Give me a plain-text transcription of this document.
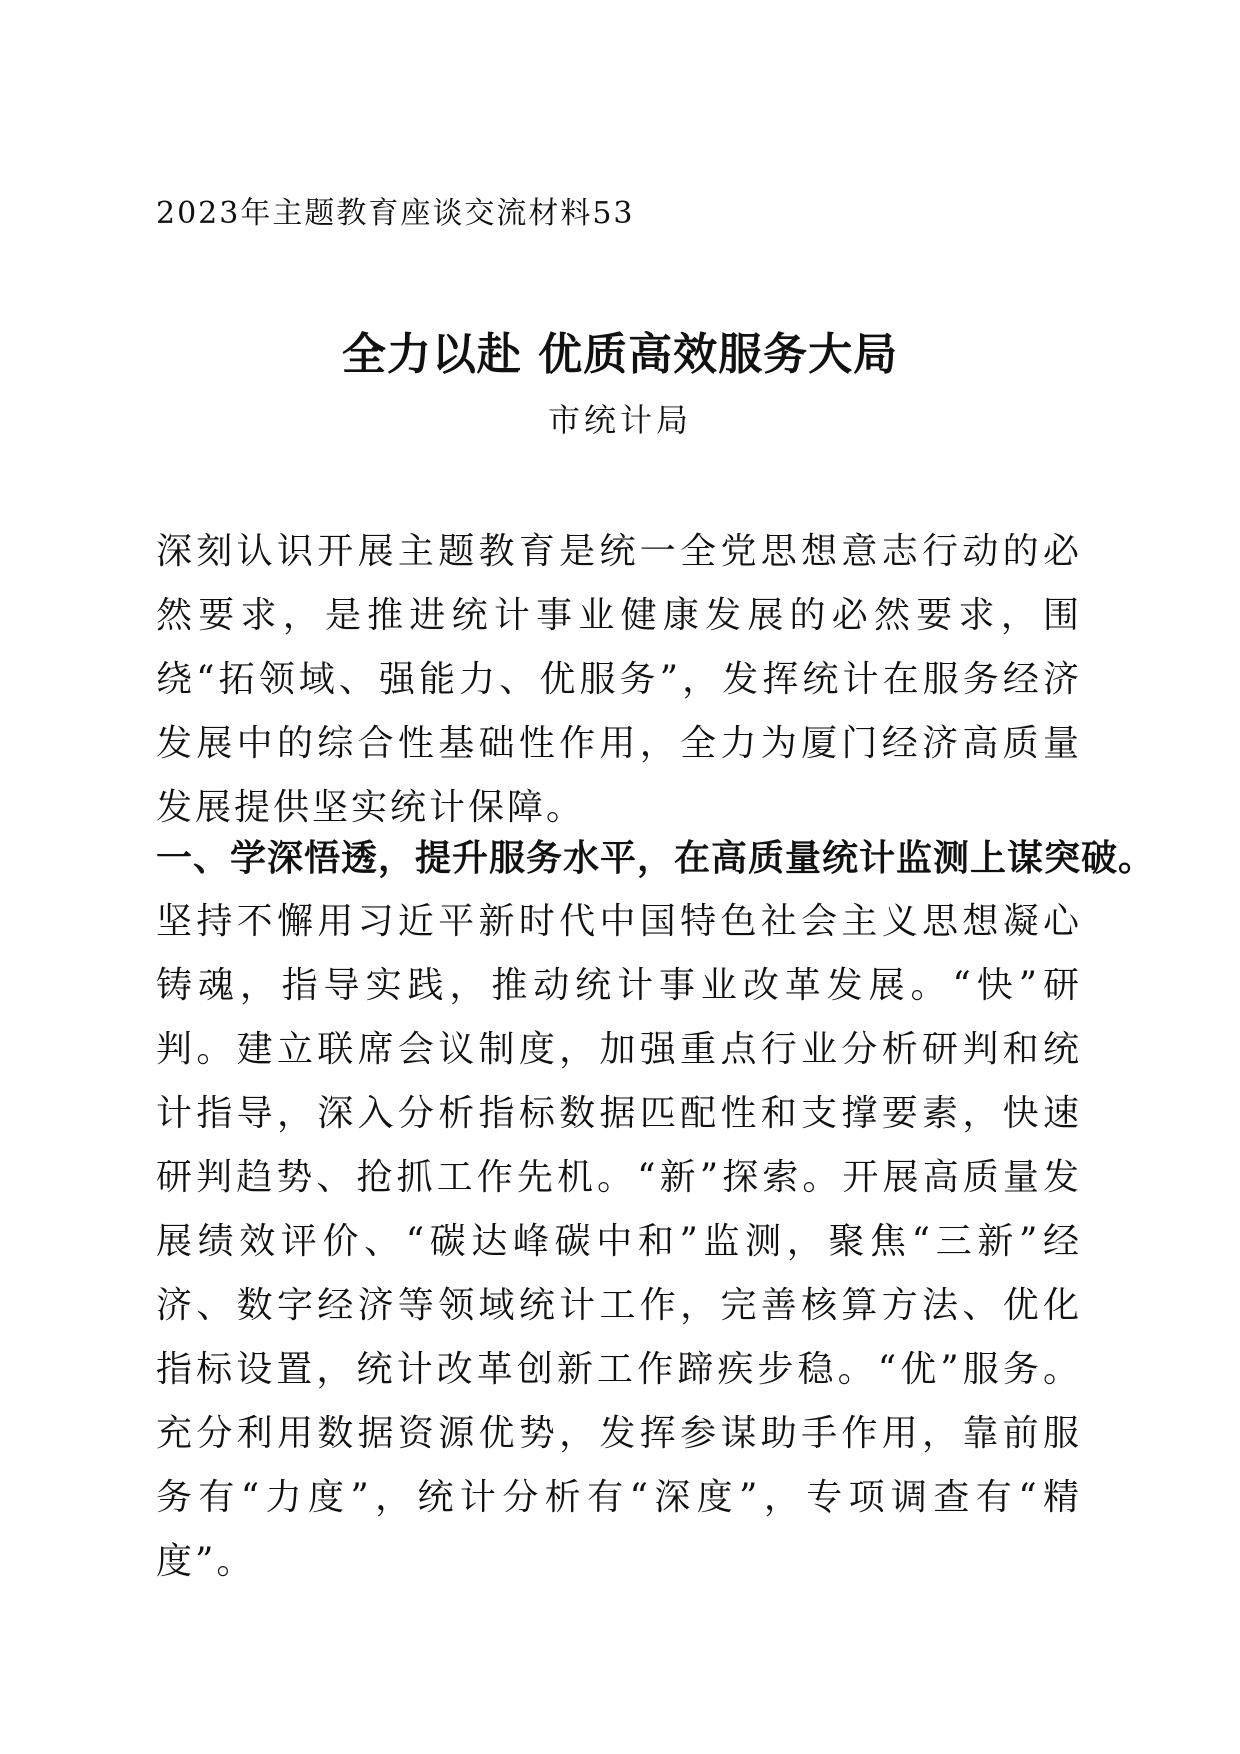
2023年主题教育座谈交流材料53
全力以赴 优质高效服务大局
市统计局

深刻认识开展主题教育是统一全党思想意志行动的必然要求，是推进统计事业健康发展的必然要求，围绕“拓领域、强能力、优服务”，发挥统计在服务经济发展中的综合性基础性作用，全力为厦门经济高质量发展提供坚实统计保障。

一、学深悟透，提升服务水平，在高质量统计监测上谋突破。

坚持不懈用习近平新时代中国特色社会主义思想凝心铸魂，指导实践，推动统计事业改革发展。“快”研判。建立联席会议制度，加强重点行业分析研判和统计指导，深入分析指标数据匹配性和支撑要素，快速研判趋势、抢抓工作先机。“新”探索。开展高质量发展绩效评价、“碳达峰碳中和”监测，聚焦“三新”经济、数字经济等领域统计工作，完善核算方法、优化指标设置，统计改革创新工作蹄疾步稳。“优”服务。充分利用数据资源优势，发挥参谋助手作用，靠前服务有“力度”，统计分析有“深度”，专项调查有“精度”。
